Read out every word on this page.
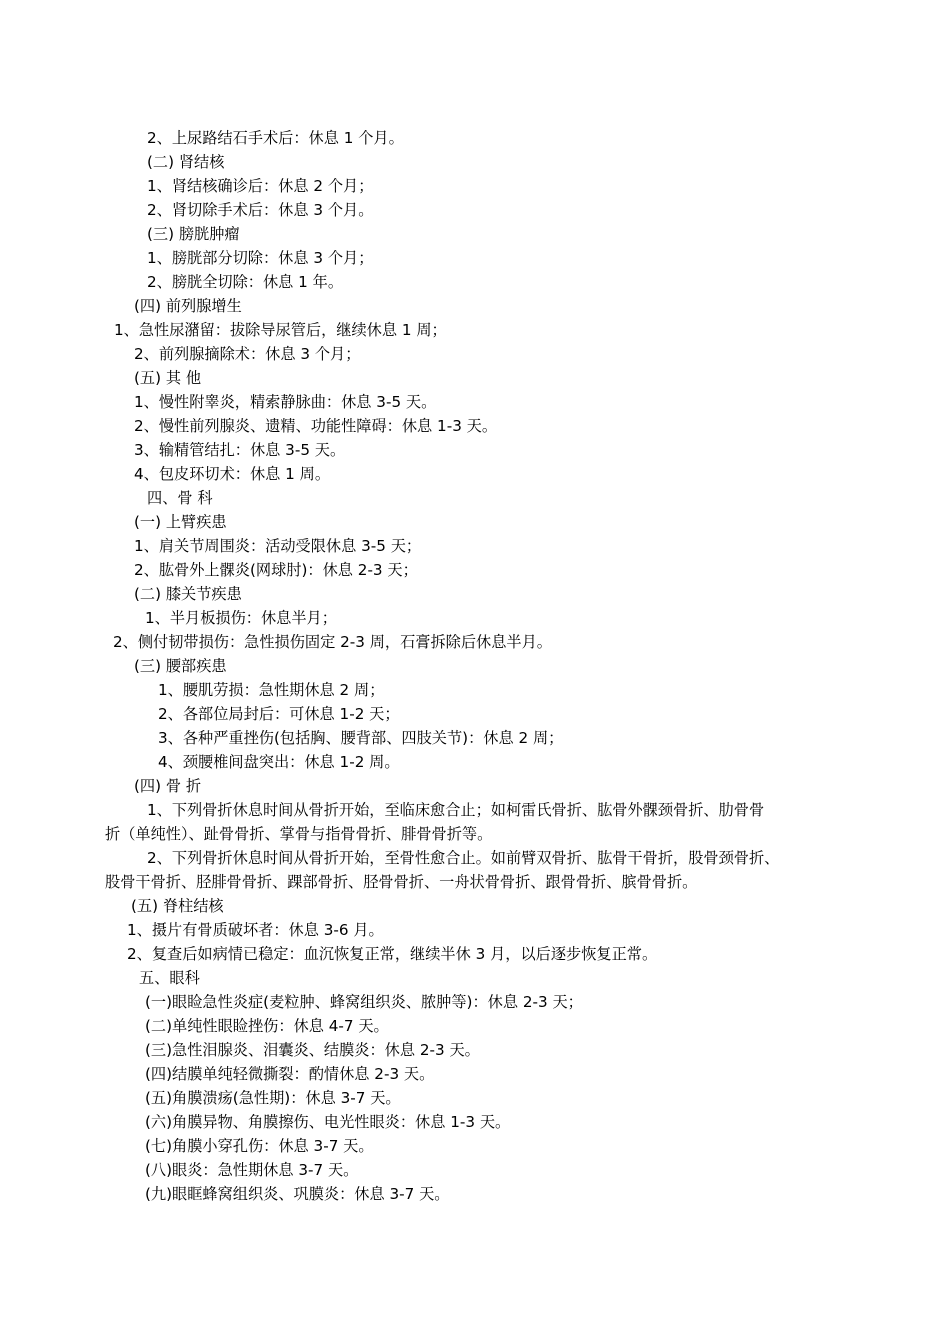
2、上尿路结石手术后：休息 1 个月。
(二) 肾结核
1、肾结核确诊后：休息 2 个月；
2、肾切除手术后：休息 3 个月。
(三) 膀胱肿瘤
1、膀胱部分切除：休息 3 个月；
2、膀胱全切除：休息 1 年。
(四) 前列腺增生
1、急性尿潴留：拔除导尿管后，继续休息 1 周；
2、前列腺摘除术：休息 3 个月；
(五) 其 他
1、慢性附睾炎，精索静脉曲：休息 3-5 天。
2、慢性前列腺炎、遗精、功能性障碍：休息 1-3 天。
3、输精管结扎：休息 3-5 天。
4、包皮环切术：休息 1 周。
四、骨 科
(一) 上臂疾患
1、肩关节周围炎：活动受限休息 3-5 天；
2、肱骨外上髁炎(网球肘)：休息 2-3 天；
(二) 膝关节疾患
1、半月板损伤：休息半月；
2、侧付韧带损伤：急性损伤固定 2-3 周，石膏拆除后休息半月。
(三) 腰部疾患
1、腰肌劳损：急性期休息 2 周；
2、各部位局封后：可休息 1-2 天；
3、各种严重挫伤(包括胸、腰背部、四肢关节)：休息 2 周；
4、颈腰椎间盘突出：休息 1-2 周。
(四) 骨 折
1、下列骨折休息时间从骨折开始，至临床愈合止；如柯雷氏骨折、肱骨外髁颈骨折、肋骨骨
折（单纯性）、趾骨骨折、掌骨与指骨骨折、腓骨骨折等。
2、下列骨折休息时间从骨折开始，至骨性愈合止。如前臂双骨折、肱骨干骨折，股骨颈骨折、
股骨干骨折、胫腓骨骨折、踝部骨折、胫骨骨折、一舟状骨骨折、跟骨骨折、膑骨骨折。
(五) 脊柱结核
1、摄片有骨质破坏者：休息 3-6 月。
2、复查后如病情已稳定：血沉恢复正常，继续半休 3 月，以后逐步恢复正常。
五、眼科
(一)眼睑急性炎症(麦粒肿、蜂窝组织炎、脓肿等)：休息 2-3 天；
(二)单纯性眼睑挫伤：休息 4-7 天。
(三)急性泪腺炎、泪囊炎、结膜炎：休息 2-3 天。
(四)结膜单纯轻微撕裂：酌情休息 2-3 天。
(五)角膜溃疡(急性期)：休息 3-7 天。
(六)角膜异物、角膜擦伤、电光性眼炎：休息 1-3 天。
(七)角膜小穿孔伤：休息 3-7 天。
(八)眼炎：急性期休息 3-7 天。
(九)眼眶蜂窝组织炎、巩膜炎：休息 3-7 天。
